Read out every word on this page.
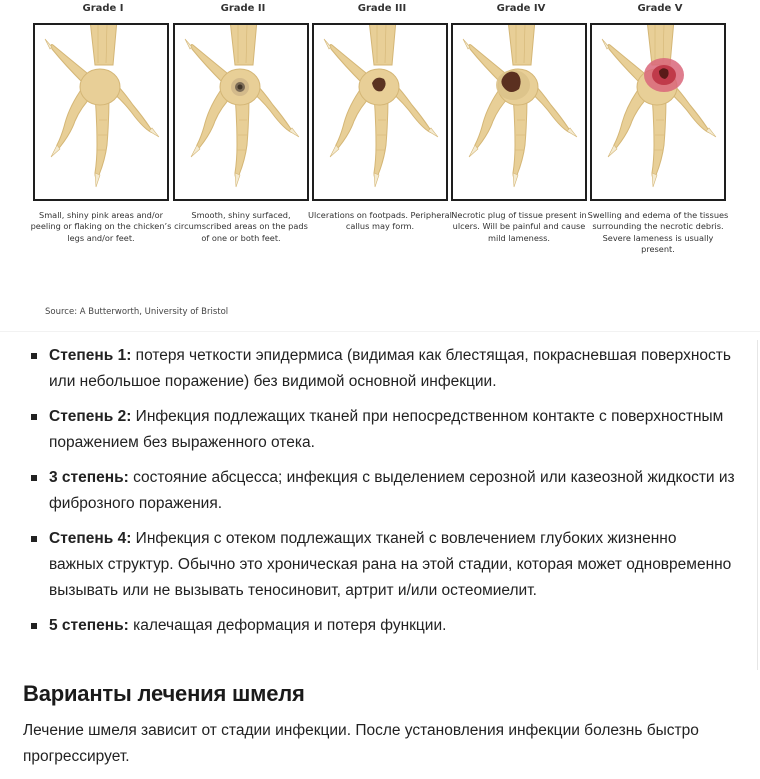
Grade I
Small, shiny pink areas and/or peeling or flaking on the chicken’s legs and/or feet.
Grade II
Smooth, shiny surfaced, circumscribed areas on the pads of one or both feet.
Grade III
Ulcerations on footpads. Peripheral callus may form.
Grade IV
Necrotic plug of tissue present in ulcers. Will be painful and cause mild lameness.
Grade V
Swelling and edema of the tissues surrounding the necrotic debris. Severe lameness is usually present.
Source: A Butterworth, University of Bristol
Степень 1: потеря четкости эпидермиса (видимая как блестящая, покрасневшая поверхность или небольшое поражение) без видимой основной инфекции.
Степень 2: Инфекция подлежащих тканей при непосредственном контакте с поверхностным поражением без выраженного отека.
3 степень: состояние абсцесса; инфекция с выделением серозной или казеозной жидкости из фиброзного поражения.
Степень 4: Инфекция с отеком подлежащих тканей с вовлечением глубоких жизненно важных структур. Обычно это хроническая рана на этой стадии, которая может одновременно вызывать или не вызывать теносиновит, артрит и/или остеомиелит.
5 степень: калечащая деформация и потеря функции.
Варианты лечения шмеля

Лечение шмеля зависит от стадии инфекции. После установления инфекции болезнь быстро прогрессирует.
